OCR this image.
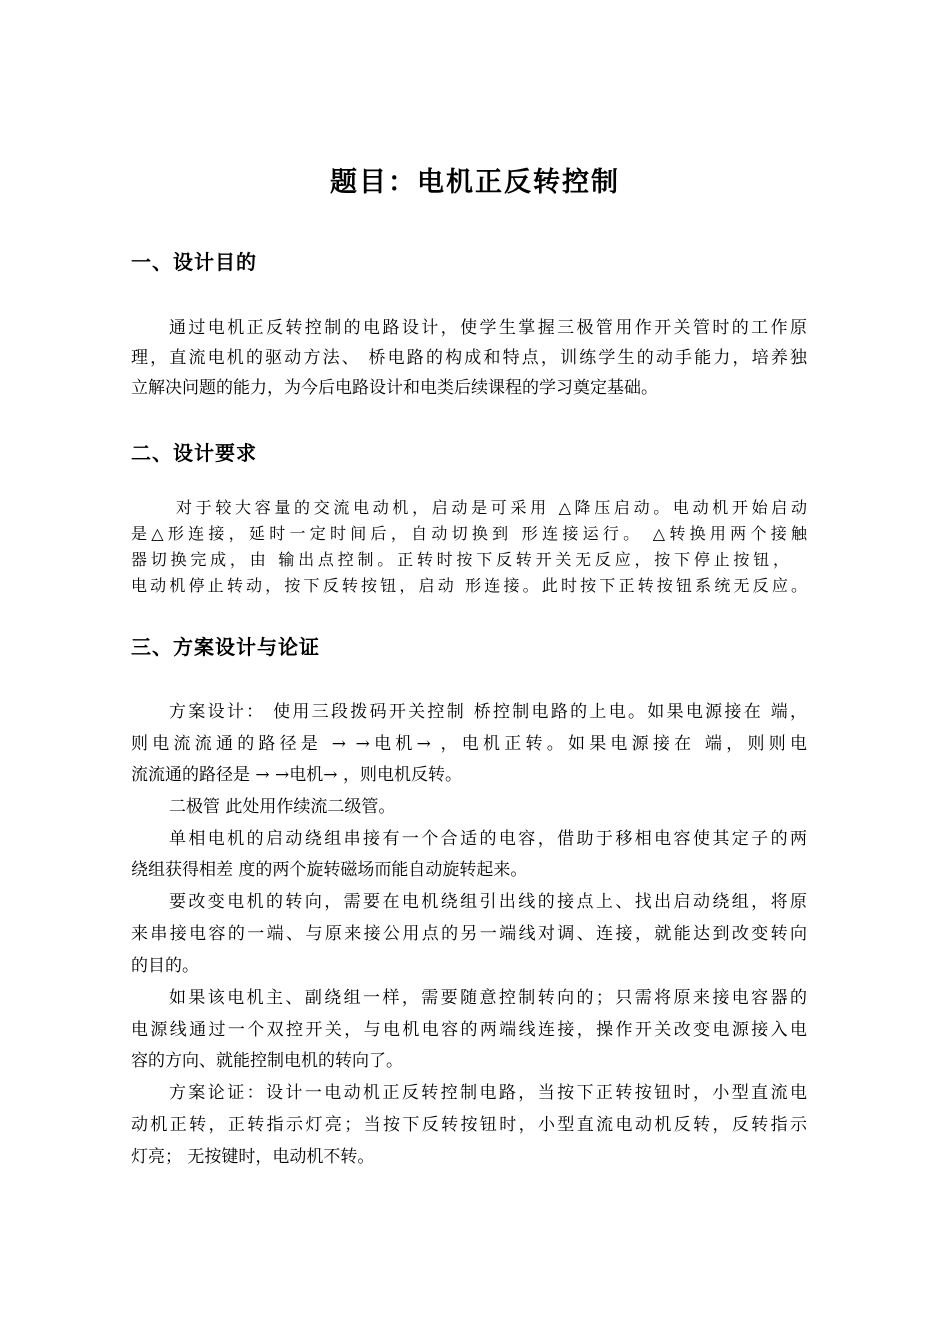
题目：电机正反转控制
一、设计目的

通过电机正反转控制的电路设计，使学生掌握三极管用作开关管时的工作原

理，直流电机的驱动方法、 桥电路的构成和特点，训练学生的动手能力，培养独

立解决问题的能力，为今后电路设计和电类后续课程的学习奠定基础。

二、设计要求

对于较大容量的交流电动机，启动是可采用 △降压启动。电动机开始启动

是△形连接，延时一定时间后，自动切换到 形连接运行。 △转换用两个接触

器切换完成，由 输出点控制。正转时按下反转开关无反应，按下停止按钮，

电动机停止转动，按下反转按钮，启动 形连接。此时按下正转按钮系统无反应。

三、方案设计与论证

方案设计： 使用三段拨码开关控制 桥控制电路的上电。如果电源接在 端，

则电流流通的路径是 → →电机→ ，电机正转。如果电源接在 端，则则电

流流通的路径是 → →电机→ ，则电机反转。

二极管 此处用作续流二级管。

单相电机的启动绕组串接有一个合适的电容，借助于移相电容使其定子的两

绕组获得相差 度的两个旋转磁场而能自动旋转起来。

要改变电机的转向，需要在电机绕组引出线的接点上、找出启动绕组，将原

来串接电容的一端、与原来接公用点的另一端线对调、连接，就能达到改变转向

的目的。

如果该电机主、副绕组一样，需要随意控制转向的；只需将原来接电容器的

电源线通过一个双控开关，与电机电容的两端线连接，操作开关改变电源接入电

容的方向、就能控制电机的转向了。

方案论证：设计一电动机正反转控制电路，当按下正转按钮时，小型直流电

动机正转，正转指示灯亮；当按下反转按钮时，小型直流电动机反转，反转指示

灯亮； 无按键时，电动机不转。
